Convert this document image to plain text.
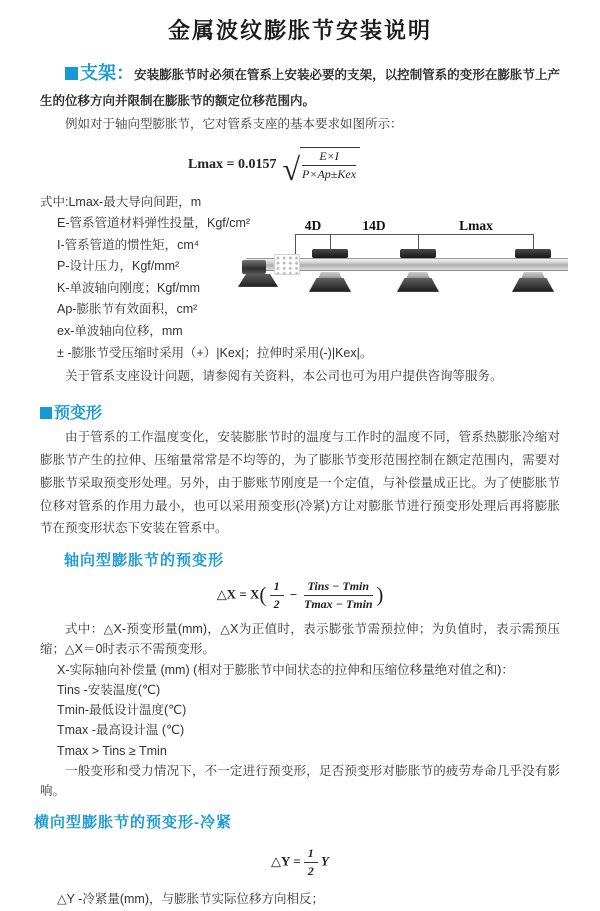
金属波纹膨胀节安装说明
支架：安装膨胀节时必须在管系上安装必要的支架，以控制管系的变形在膨胀节上产生的位移方向并限制在膨胀节的额定位移范围内。
例如对于轴向型膨胀节，它对管系支座的基本要求如图所示：
Lmax = 0.0157 √ $\frac{E\times I}{\text{P×Ap±Kex}}$
式中:Lmax-最大导向间距，m
E-管系管道材料弹性投量，Kgf/cm²
I-管系管道的惯性矩，cm⁴
P-设计压力，Kgf/mm²
K-单波轴向刚度；Kgf/mm
Ap-膨胀节有效面积，cm²
ex-单波轴向位移，mm
4D	14D	Lmax
± -膨胀节受压缩时采用（+）|Kex|；拉伸时采用(-)|Kex|。
关于管系支座设计问题，请参阅有关资料，本公司也可为用户提供咨询等服务。
预变形
由于管系的工作温度变化，安装膨胀节时的温度与工作时的温度不同，管系热膨胀冷缩对膨胀节产生的拉伸、压缩量常常是不均等的，为了膨胀节变形范围控制在额定范围内，需要对膨胀节采取预变形处理。另外，由于膨账节刚度是一个定值，与补偿量成正比。为了使膨胀节位移对管系的作用力最小，也可以采用预变形(冷紧)方让对膨胀节进行预变形处理后再将膨胀节在预变形状态下安装在管系中。
轴向型膨胀节的预变形
△X = $X( \frac{1}{2} - \frac{\text{Tins − Tmin}}{Tmax - Tmin}$ )
式中：△X-预变形量(mm)，△X为正值时，表示膨张节需预拉伸；为负值时，表示需预压缩；△X＝0时表示不需预变形。
X-实际轴向补偿量 (mm) (相对于膨胀节中间状态的拉伸和压缩位移量绝对值之和)：
Tins -安装温度(℃)
Tmin-最低设计温度(℃)
Tmax -最高设计温 (℃)
Tmax > Tins ≥ Tmin
一般变形和受力情况下，不一定进行预变形，足否预变形对膨胀节的疲劳寿命几乎没有影响。
横向型膨胀节的预变形-冷紧
△Y = $\frac{1}{2}$ Y
△Y -冷紧量(mm)，与膨胀节实际位移方向相反；
